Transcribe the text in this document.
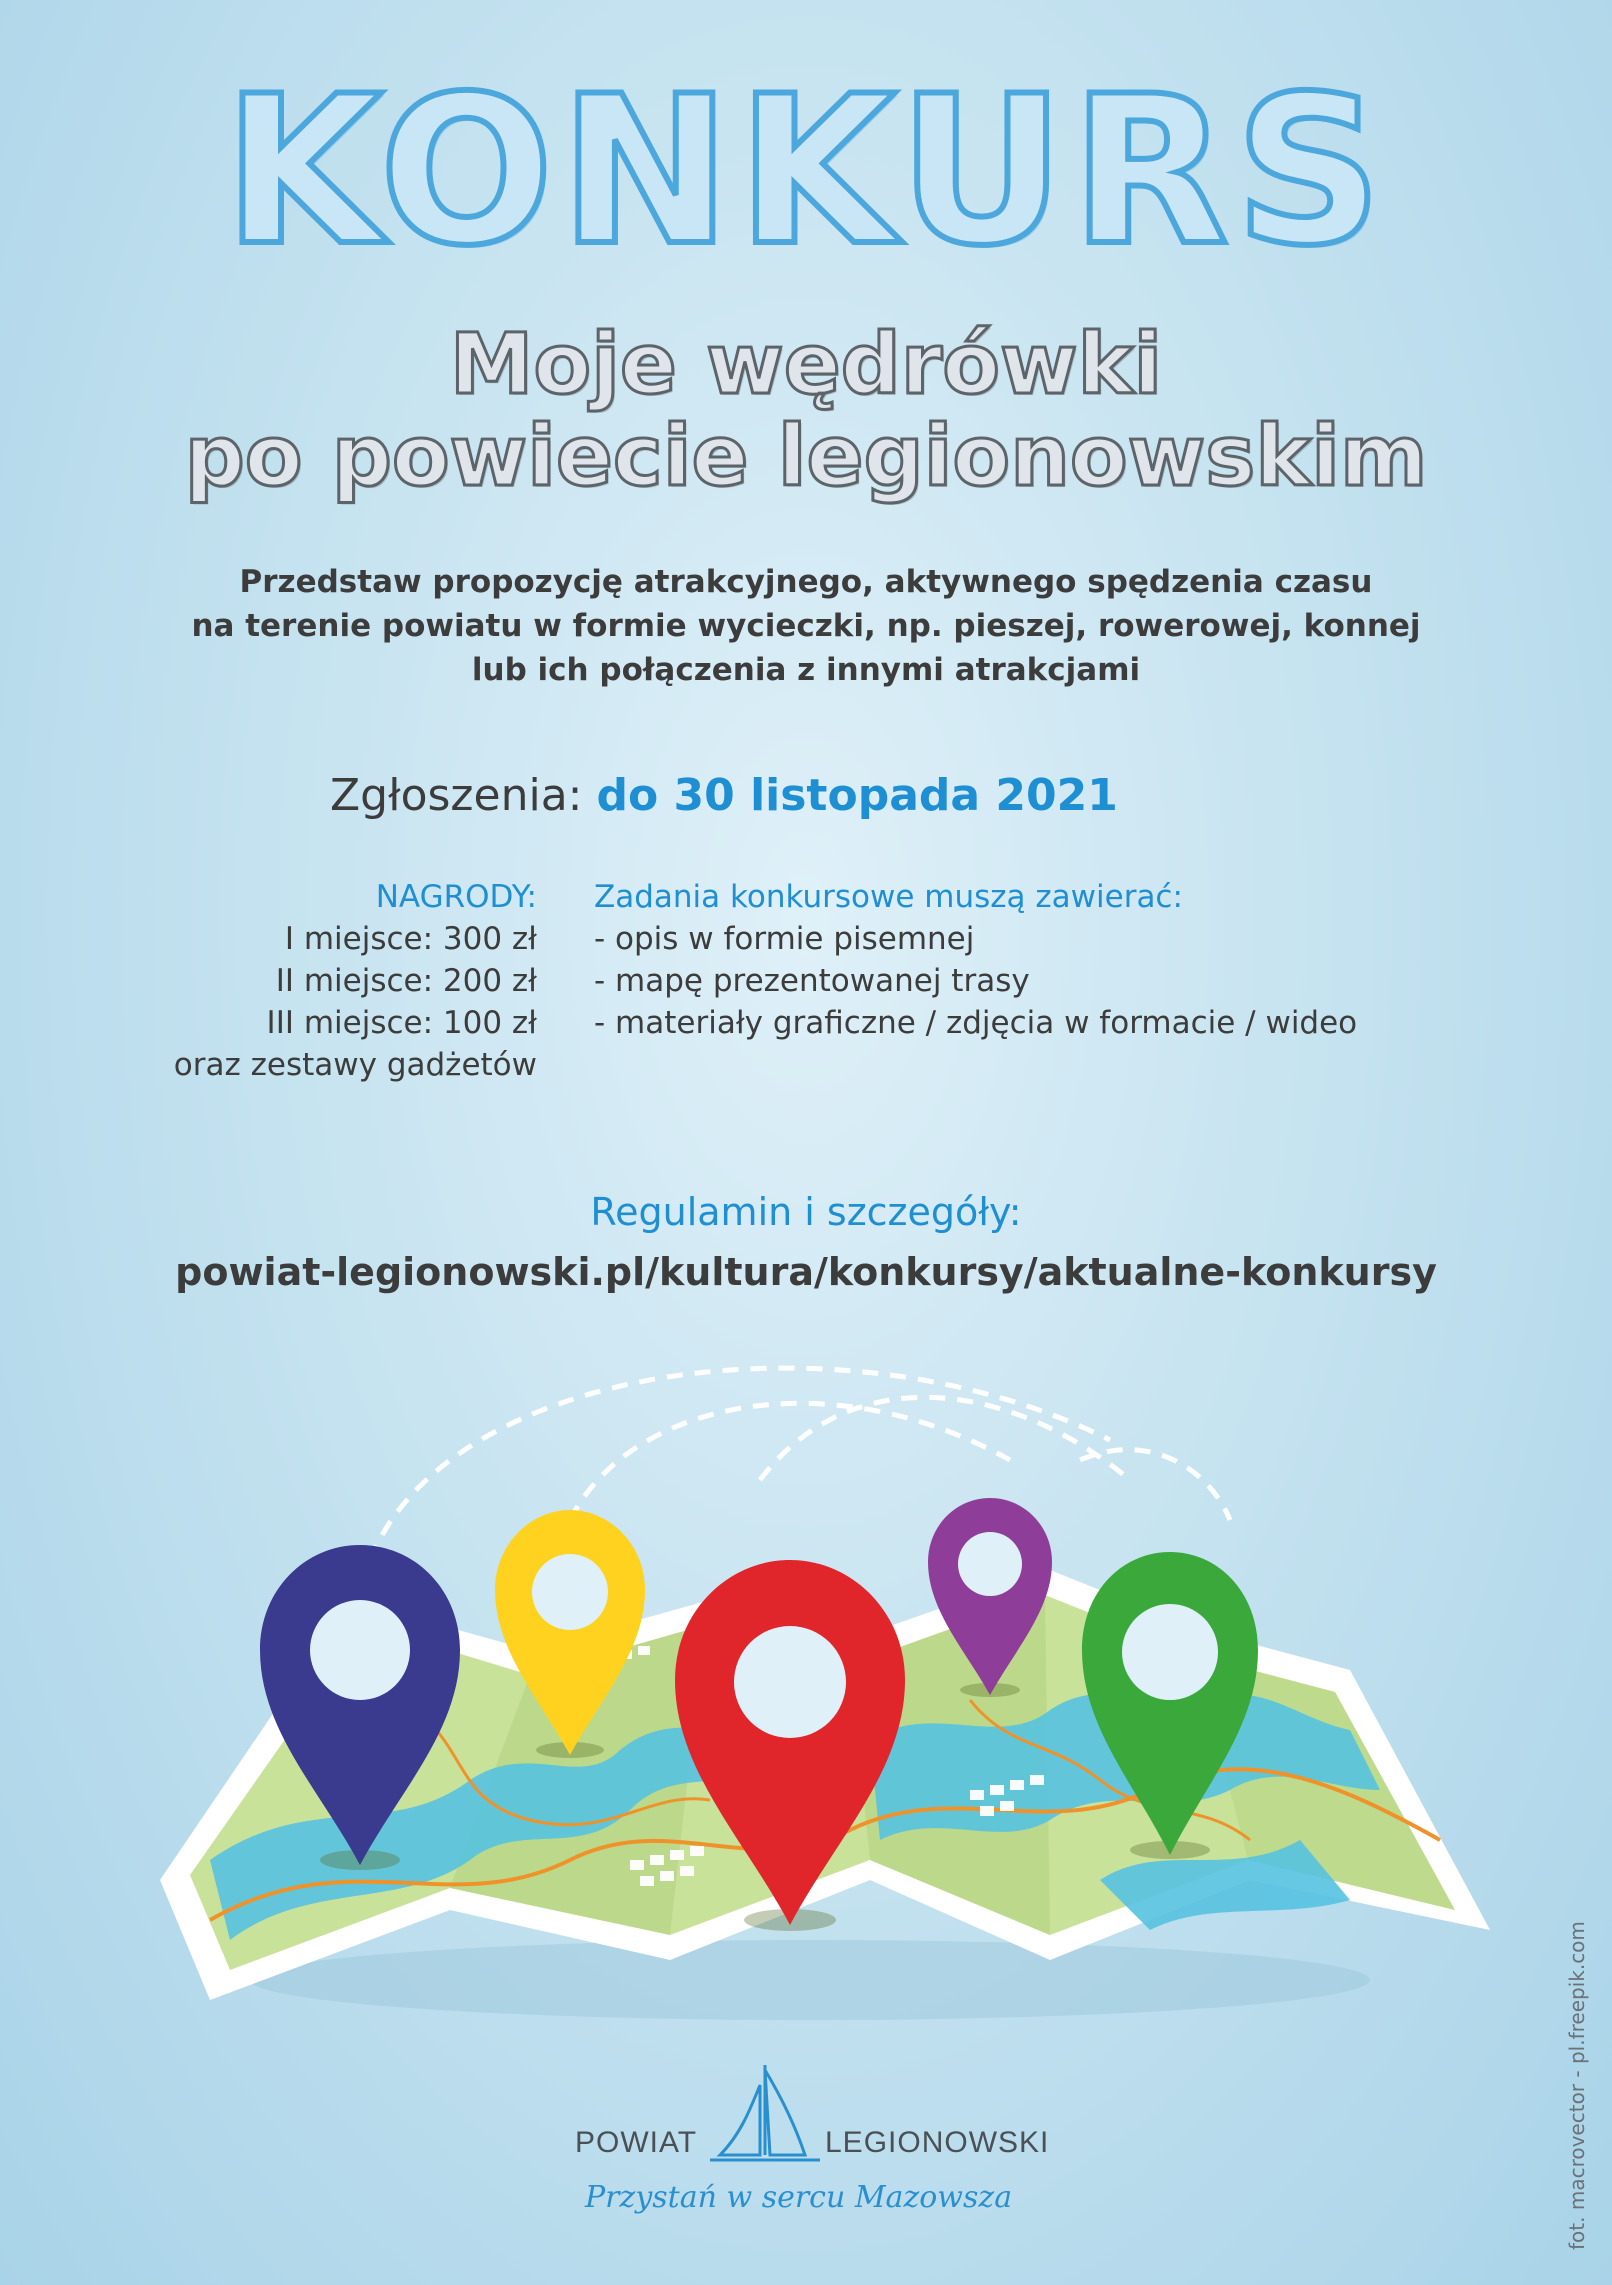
KONKURS
Moje wędrówki
po powiecie legionowskim
Przedstaw propozycję atrakcyjnego, aktywnego spędzenia czasu
na terenie powiatu w formie wycieczki, np. pieszej, rowerowej, konnej
lub ich połączenia z innymi atrakcjami
Zgłoszenia: do 30 listopada 2021
NAGRODY:
I miejsce: 300 zł
II miejsce: 200 zł
III miejsce: 100 zł
oraz zestawy gadżetów
Zadania konkursowe muszą zawierać:
- opis w formie pisemnej
- mapę prezentowanej trasy
- materiały graficzne / zdjęcia w formacie / wideo
Regulamin i szczegóły:
powiat-legionowski.pl/kultura/konkursy/aktualne-konkursy
POWIAT	LEGIONOWSKI
Przystań w sercu Mazowsza	fot. macrovector - pl.freepik.com
